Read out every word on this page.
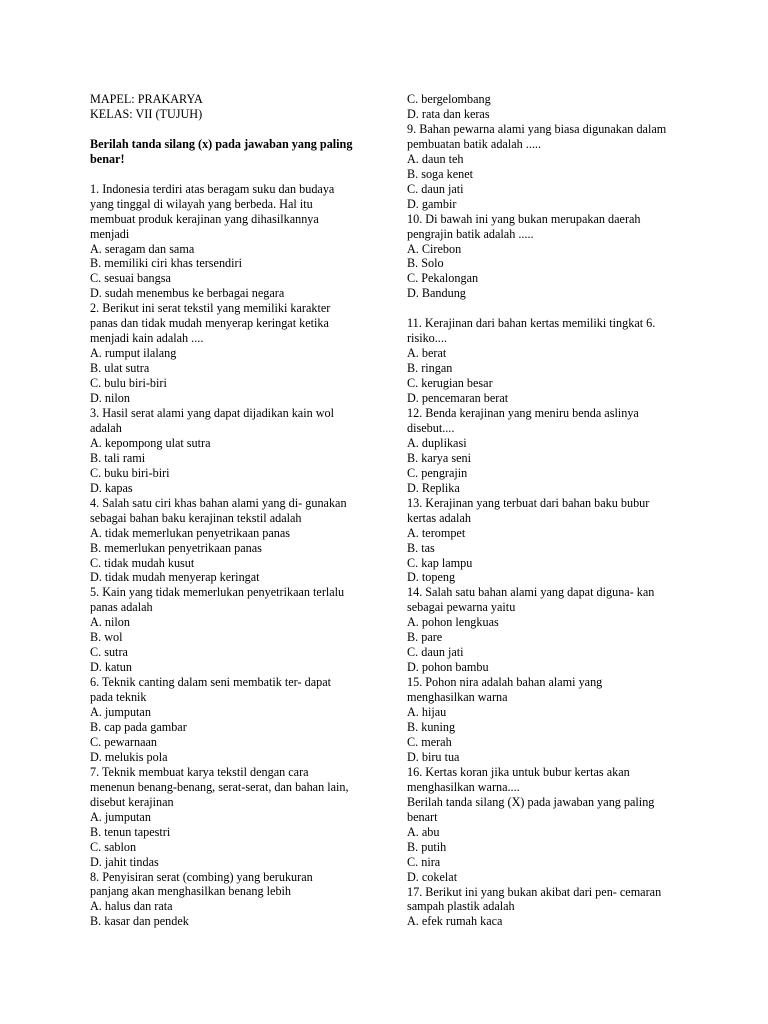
MAPEL: PRAKARYA
KELAS: VII (TUJUH)
Berilah tanda silang (x) pada jawaban yang paling
benar!
1. Indonesia terdiri atas beragam suku dan budaya
yang tinggal di wilayah yang berbeda. Hal itu
membuat produk kerajinan yang dihasilkannya
menjadi
A. seragam dan sama
B. memiliki ciri khas tersendiri
C. sesuai bangsa
D. sudah menembus ke berbagai negara
2. Berikut ini serat tekstil yang memiliki karakter
panas dan tidak mudah menyerap keringat ketika
menjadi kain adalah ....
A. rumput ilalang
B. ulat sutra
C. bulu biri-biri
D. nilon
3. Hasil serat alami yang dapat dijadikan kain wol
adalah
A. kepompong ulat sutra
B. tali rami
C. buku biri-biri
D. kapas
4. Salah satu ciri khas bahan alami yang di- gunakan
sebagai bahan baku kerajinan tekstil adalah
A. tidak memerlukan penyetrikaan panas
B. memerlukan penyetrikaan panas
C. tidak mudah kusut
D. tidak mudah menyerap keringat
5. Kain yang tidak memerlukan penyetrikaan terlalu
panas adalah
A. nilon
B. wol
C. sutra
D. katun
6. Teknik canting dalam seni membatik ter- dapat
pada teknik
A. jumputan
B. cap pada gambar
C. pewarnaan
D. melukis pola
7. Teknik membuat karya tekstil dengan cara
menenun benang-benang, serat-serat, dan bahan lain,
disebut kerajinan
A. jumputan
B. tenun tapestri
C. sablon
D. jahit tindas
8. Penyisiran serat (combing) yang berukuran
panjang akan menghasilkan benang lebih
A. halus dan rata
B. kasar dan pendek
C. bergelombang
D. rata dan keras
9. Bahan pewarna alami yang biasa digunakan dalam
pembuatan batik adalah .....
A. daun teh
B. soga kenet
C. daun jati
D. gambir
10. Di bawah ini yang bukan merupakan daerah
pengrajin batik adalah .....
A. Cirebon
B. Solo
C. Pekalongan
D. Bandung
11. Kerajinan dari bahan kertas memiliki tingkat 6.
risiko....
A. berat
B. ringan
C. kerugian besar
D. pencemaran berat
12. Benda kerajinan yang meniru benda aslinya
disebut....
A. duplikasi
B. karya seni
C. pengrajin
D. Replika
13. Kerajinan yang terbuat dari bahan baku bubur
kertas adalah
A. terompet
B. tas
C. kap lampu
D. topeng
14. Salah satu bahan alami yang dapat diguna- kan
sebagai pewarna yaitu
A. pohon lengkuas
B. pare
C. daun jati
D. pohon bambu
15. Pohon nira adalah bahan alami yang
menghasilkan warna
A. hijau
B. kuning
C. merah
D. biru tua
16. Kertas koran jika untuk bubur kertas akan
menghasilkan warna....
Berilah tanda silang (X) pada jawaban yang paling
benart
A. abu
B. putih
C. nira
D. cokelat
17. Berikut ini yang bukan akibat dari pen- cemaran
sampah plastik adalah
A. efek rumah kaca
